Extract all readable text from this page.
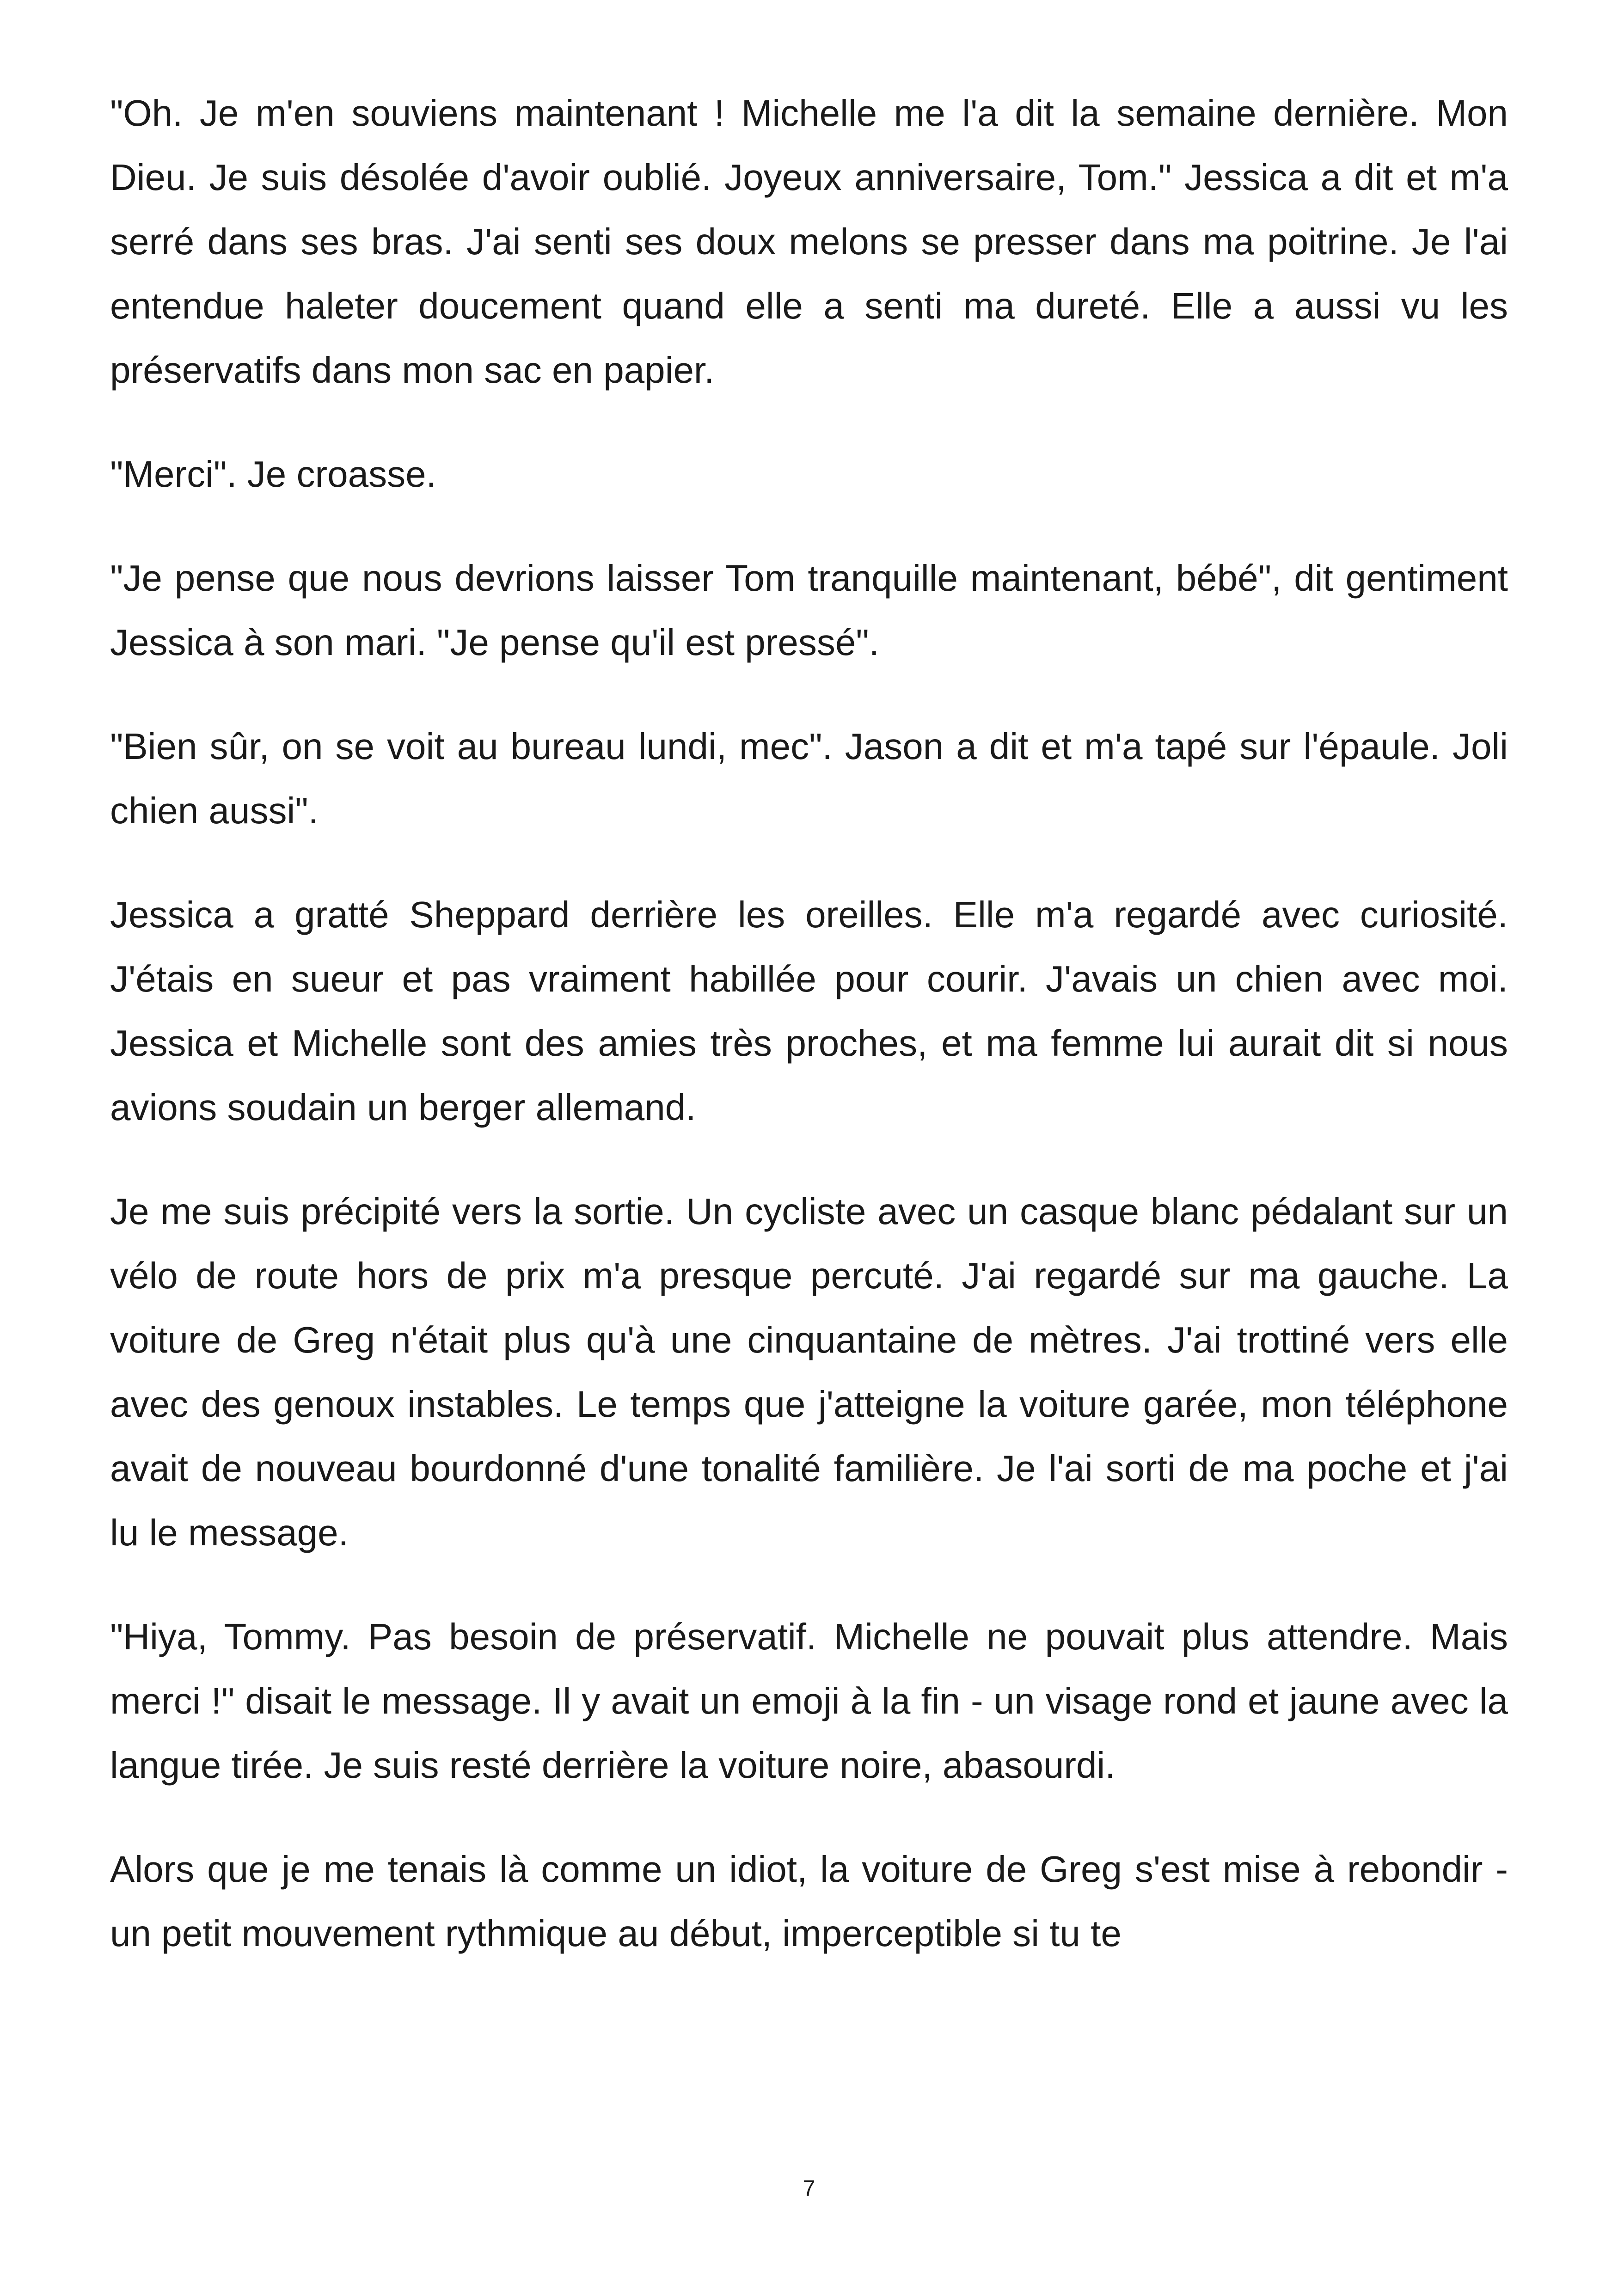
"Oh. Je m'en souviens maintenant ! Michelle me l'a dit la semaine dernière. Mon Dieu. Je suis désolée d'avoir oublié. Joyeux anniversaire, Tom." Jessica a dit et m'a serré dans ses bras. J'ai senti ses doux melons se presser dans ma poitrine. Je l'ai entendue haleter doucement quand elle a senti ma dureté. Elle a aussi vu les préservatifs dans mon sac en papier.

"Merci". Je croasse.

"Je pense que nous devrions laisser Tom tranquille maintenant, bébé", dit gentiment Jessica à son mari. "Je pense qu'il est pressé".

"Bien sûr, on se voit au bureau lundi, mec". Jason a dit et m'a tapé sur l'épaule. Joli chien aussi".

Jessica a gratté Sheppard derrière les oreilles. Elle m'a regardé avec curiosité. J'étais en sueur et pas vraiment habillée pour courir. J'avais un chien avec moi. Jessica et Michelle sont des amies très proches, et ma femme lui aurait dit si nous avions soudain un berger allemand.

Je me suis précipité vers la sortie. Un cycliste avec un casque blanc pédalant sur un vélo de route hors de prix m'a presque percuté. J'ai regardé sur ma gauche. La voiture de Greg n'était plus qu'à une cinquantaine de mètres. J'ai trottiné vers elle avec des genoux instables. Le temps que j'atteigne la voiture garée, mon téléphone avait de nouveau bourdonné d'une tonalité familière. Je l'ai sorti de ma poche et j'ai lu le message.

"Hiya, Tommy. Pas besoin de préservatif. Michelle ne pouvait plus attendre. Mais merci !" disait le message. Il y avait un emoji à la fin - un visage rond et jaune avec la langue tirée. Je suis resté derrière la voiture noire, abasourdi.

Alors que je me tenais là comme un idiot, la voiture de Greg s'est mise à rebondir - un petit mouvement rythmique au début, imperceptible si tu te

7
